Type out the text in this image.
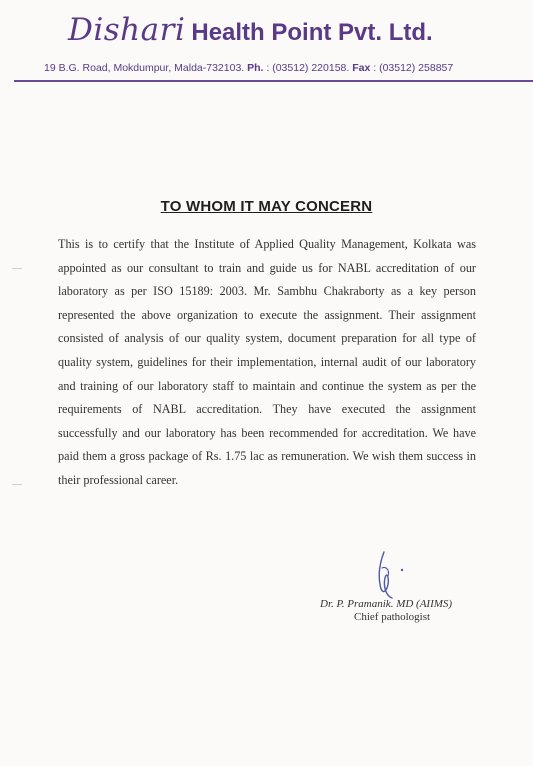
Dishari Health Point Pvt. Ltd.
19 B.G. Road, Mokdumpur, Malda-732103. Ph. : (03512) 220158. Fax : (03512) 258857
TO WHOM IT MAY CONCERN

This is to certify that the Institute of Applied Quality Management, Kolkata was appointed as our consultant to train and guide us for NABL accreditation of our laboratory as per ISO 15189: 2003. Mr. Sambhu Chakraborty as a key person represented the above organization to execute the assignment. Their assignment consisted of analysis of our quality system, document preparation for all type of quality system, guidelines for their implementation, internal audit of our laboratory and training of our laboratory staff to maintain and continue the system as per the requirements of NABL accreditation. They have executed the assignment successfully and our laboratory has been recommended for accreditation. We have paid them a gross package of Rs. 1.75 lac as remuneration. We wish them success in their professional career.

Dr. P. Pramanik. MD (AIIMS)
Chief pathologist
